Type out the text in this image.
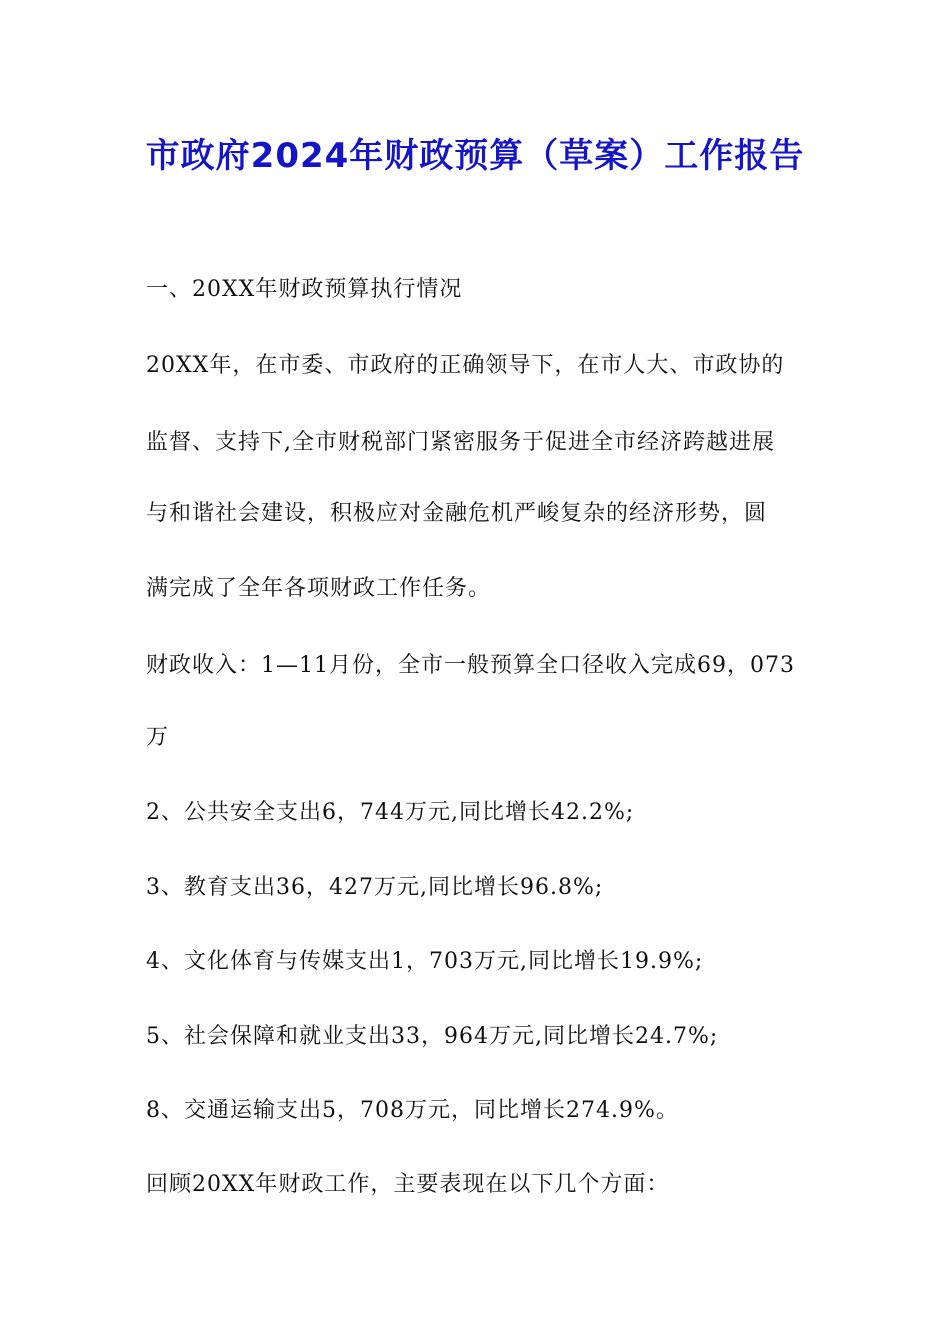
市政府2024年财政预算（草案）工作报告
一、20XX年财政预算执行情况
20XX年，在市委、市政府的正确领导下，在市人大、市政协的
监督、支持下,全市财税部门紧密服务于促进全市经济跨越进展
与和谐社会建设，积极应对金融危机严峻复杂的经济形势，圆
满完成了全年各项财政工作任务。
财政收入：1—11月份，全市一般预算全口径收入完成69，073
万
2、公共安全支出6，744万元,同比增长42.2%;
3、教育支出36，427万元,同比增长96.8%;
4、文化体育与传媒支出1，703万元,同比增长19.9%;
5、社会保障和就业支出33，964万元,同比增长24.7%;
8、交通运输支出5，708万元，同比增长274.9%。
回顾20XX年财政工作，主要表现在以下几个方面：
